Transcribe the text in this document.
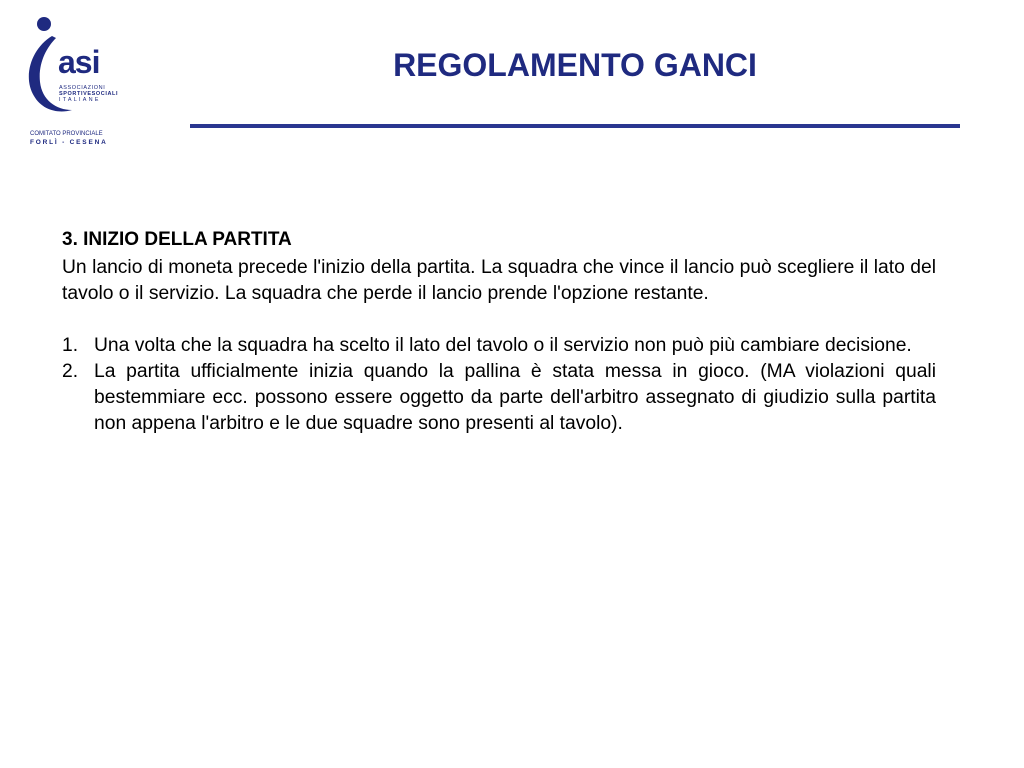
asi
ASSOCIAZIONI
SPORTIVESOCIALI
ITALIANE
COMITATO PROVINCIALE
FORLÌ - CESENA
REGOLAMENTO GANCI
3. INIZIO DELLA PARTITA

Un lancio di moneta precede l'inizio della partita. La squadra che vince il lancio può scegliere il lato del tavolo o il servizio. La squadra che perde il lancio prende l'opzione restante.

1. Una volta che la squadra ha scelto il lato del tavolo o il servizio non può più cambiare decisione.
2. La partita ufficialmente inizia quando la pallina è stata messa in gioco. (MA violazioni quali bestemmiare ecc. possono essere oggetto da parte dell'arbitro assegnato di giudizio sulla partita non appena l'arbitro e le due squadre sono presenti al tavolo).
